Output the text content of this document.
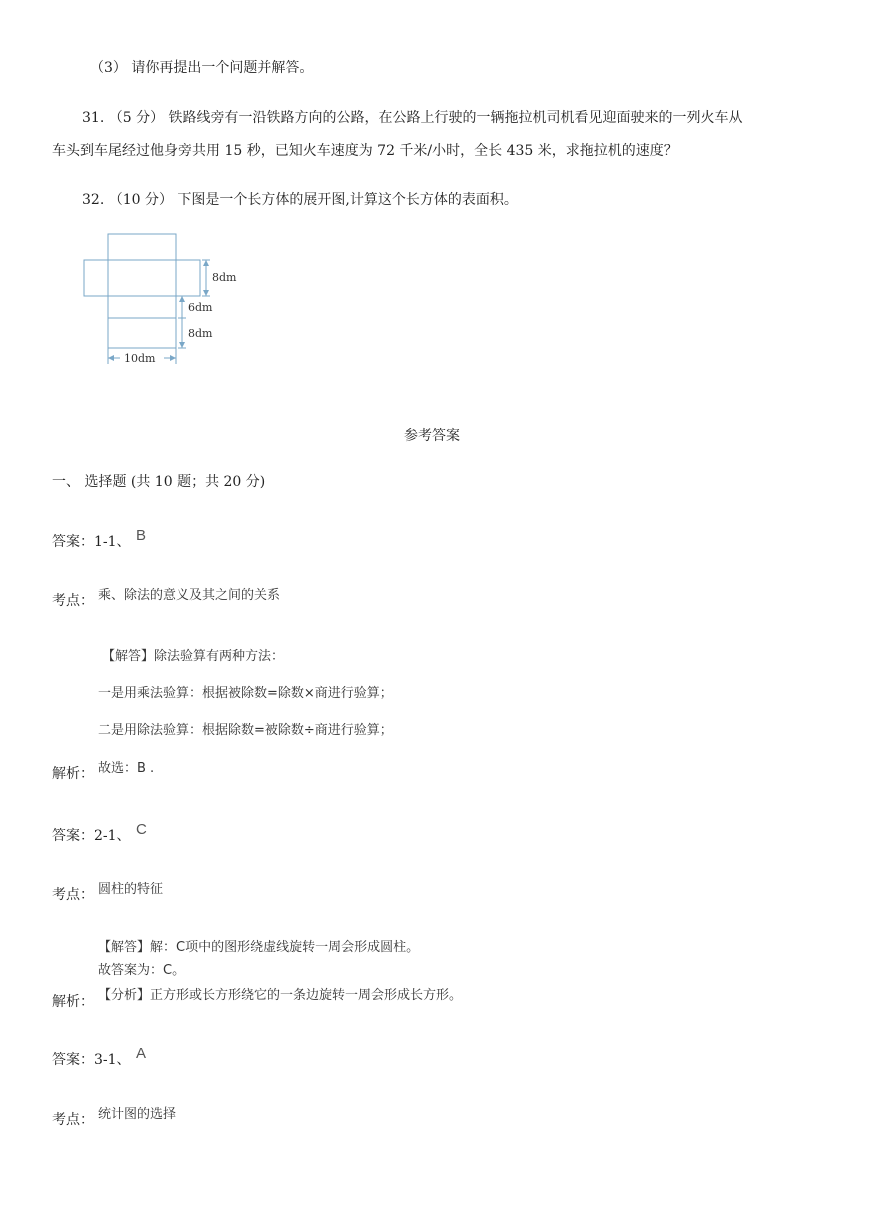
（3） 请你再提出一个问题并解答。
31. （5 分） 铁路线旁有一沿铁路方向的公路，在公路上行驶的一辆拖拉机司机看见迎面驶来的一列火车从
车头到车尾经过他身旁共用 15 秒，已知火车速度为 72 千米/小时，全长 435 米，求拖拉机的速度？
32. （10 分） 下图是一个长方体的展开图,计算这个长方体的表面积。
8dm
6dm
8dm
10dm
参考答案
一、 选择题 (共 10 题；共 20 分)
答案：1-1、 B
考点： 乘、除法的意义及其之间的关系
【解答】除法验算有两种方法：
一是用乘法验算：根据被除数=除数×商进行验算；
二是用除法验算：根据除数=被除数÷商进行验算；
解析： 故选：B .
答案：2-1、 C
考点： 圆柱的特征
【解答】解：C项中的图形绕虚线旋转一周会形成圆柱。
故答案为：C。
解析： 【分析】正方形或长方形绕它的一条边旋转一周会形成长方形。
答案：3-1、 A
考点： 统计图的选择
